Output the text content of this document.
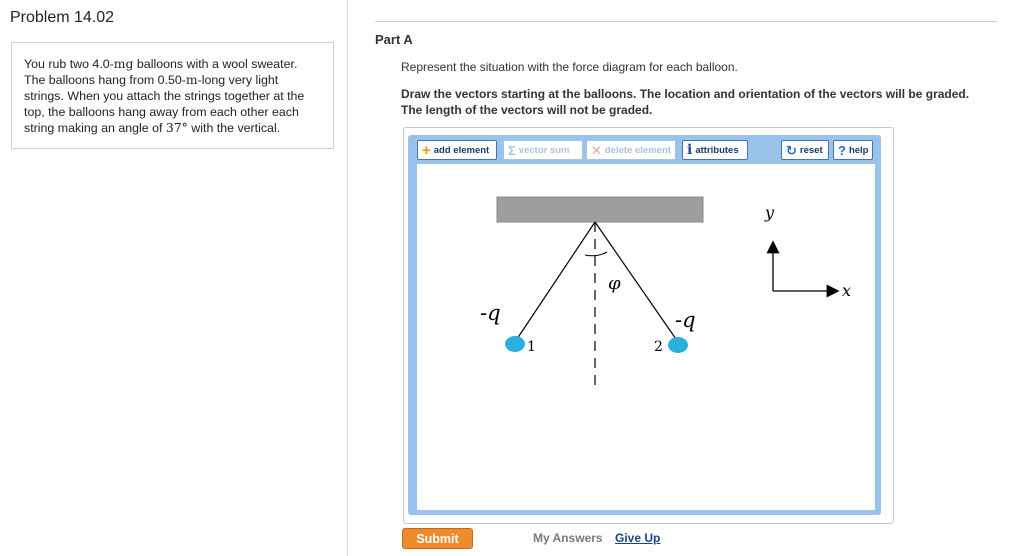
Problem 14.02
You rub two 4.0-mg balloons with a wool sweater.
The balloons hang from 0.50-m-long very light
strings. When you attach the strings together at the
top, the balloons hang away from each other each
string making an angle of 37° with the vertical.
Part A
Represent the situation with the force diagram for each balloon.
Draw the vectors starting at the balloons. The location and orientation of the vectors will be graded. The length of the vectors will not be graded.
+ add element Σ vector sum ✕ delete element i attributes	↻ reset ? help
φ
1	2
-q	-q
y
x
Submit	My Answers Give Up
